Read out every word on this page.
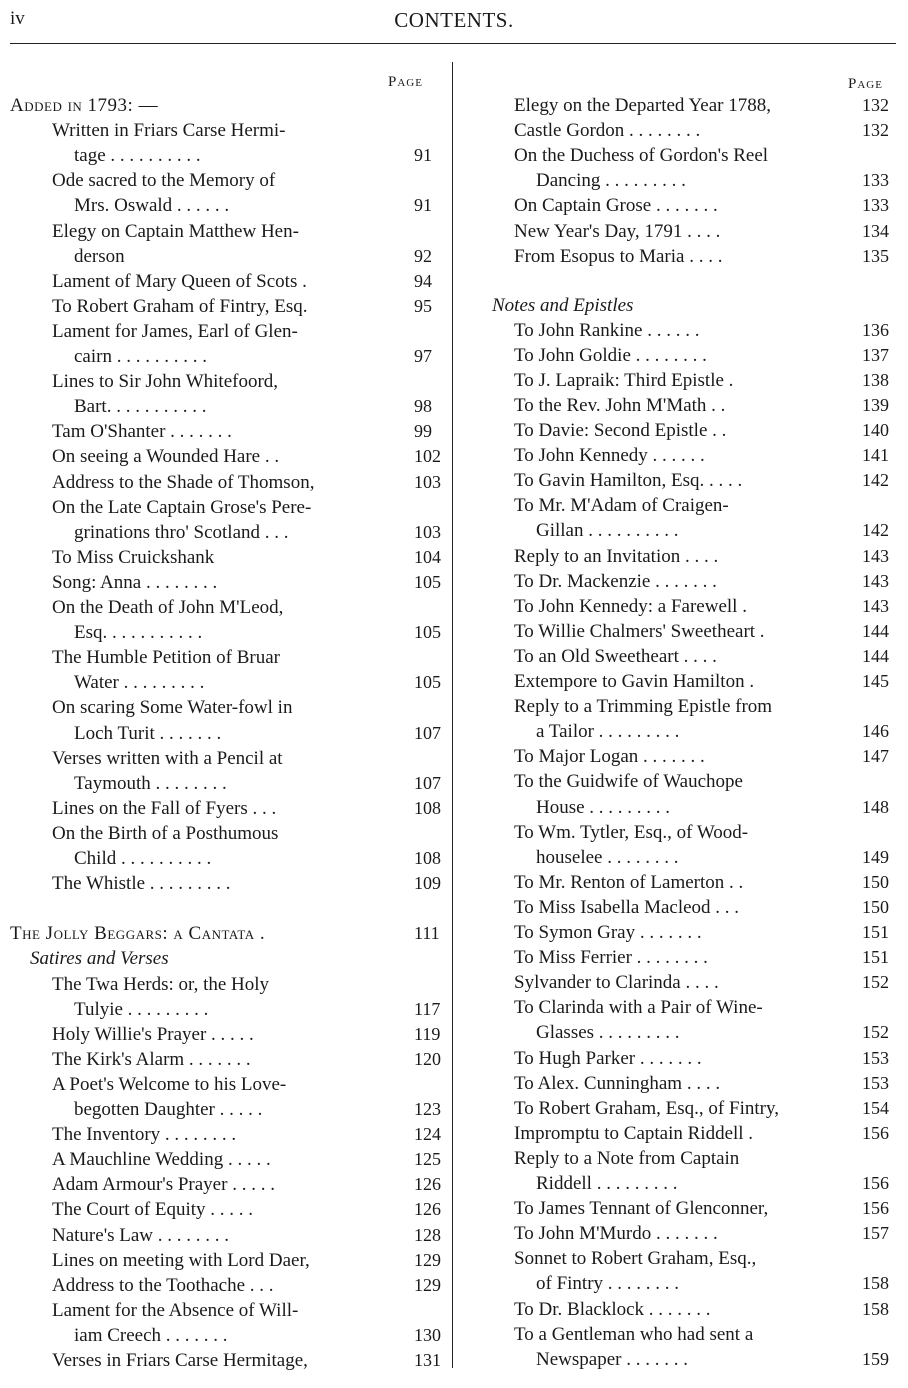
iv	CONTENTS.
Page
Added in 1793: —
Written in Friars Carse Hermi-
tage . . . . . . . . . .	91
Ode sacred to the Memory of
Mrs. Oswald . . . . . .	91
Elegy on Captain Matthew Hen-
derson	92
Lament of Mary Queen of Scots .	94
To Robert Graham of Fintry, Esq.	95
Lament for James, Earl of Glen-
cairn . . . . . . . . . .	97
Lines to Sir John Whitefoord,
Bart. . . . . . . . . . .	98
Tam O'Shanter . . . . . . .	99
On seeing a Wounded Hare . .	102
Address to the Shade of Thomson,	103
On the Late Captain Grose's Pere-
grinations thro' Scotland . . .	103
To Miss Cruickshank	104
Song: Anna . . . . . . . .	105
On the Death of John M'Leod,
Esq. . . . . . . . . . .	105
The Humble Petition of Bruar
Water . . . . . . . . .	105
On scaring Some Water-fowl in
Loch Turit . . . . . . .	107
Verses written with a Pencil at
Taymouth . . . . . . . .	107
Lines on the Fall of Fyers . . .	108
On the Birth of a Posthumous
Child . . . . . . . . . .	108
The Whistle . . . . . . . . .	109
The Jolly Beggars: a Cantata .	111
Satires and Verses
The Twa Herds: or, the Holy
Tulyie . . . . . . . . .	117
Holy Willie's Prayer . . . . .	119
The Kirk's Alarm . . . . . . .	120
A Poet's Welcome to his Love-
begotten Daughter . . . . .	123
The Inventory . . . . . . . .	124
A Mauchline Wedding . . . . .	125
Adam Armour's Prayer . . . . .	126
The Court of Equity . . . . .	126
Nature's Law . . . . . . . .	128
Lines on meeting with Lord Daer,	129
Address to the Toothache . . .	129
Lament for the Absence of Will-
iam Creech . . . . . . .	130
Verses in Friars Carse Hermitage,	131
Page
Elegy on the Departed Year 1788,	132
Castle Gordon . . . . . . . .	132
On the Duchess of Gordon's Reel
Dancing . . . . . . . . .	133
On Captain Grose . . . . . . .	133
New Year's Day, 1791 . . . .	134
From Esopus to Maria . . . .	135
Notes and Epistles
To John Rankine . . . . . .	136
To John Goldie . . . . . . . .	137
To J. Lapraik: Third Epistle .	138
To the Rev. John M'Math . .	139
To Davie: Second Epistle . .	140
To John Kennedy . . . . . .	141
To Gavin Hamilton, Esq. . . . .	142
To Mr. M'Adam of Craigen-
Gillan . . . . . . . . . .	142
Reply to an Invitation . . . .	143
To Dr. Mackenzie . . . . . . .	143
To John Kennedy: a Farewell .	143
To Willie Chalmers' Sweetheart .	144
To an Old Sweetheart . . . .	144
Extempore to Gavin Hamilton .	145
Reply to a Trimming Epistle from
a Tailor . . . . . . . . .	146
To Major Logan . . . . . . .	147
To the Guidwife of Wauchope
House . . . . . . . . .	148
To Wm. Tytler, Esq., of Wood-
houselee . . . . . . . .	149
To Mr. Renton of Lamerton . .	150
To Miss Isabella Macleod . . .	150
To Symon Gray . . . . . . .	151
To Miss Ferrier . . . . . . . .	151
Sylvander to Clarinda . . . .	152
To Clarinda with a Pair of Wine-
Glasses . . . . . . . . .	152
To Hugh Parker . . . . . . .	153
To Alex. Cunningham . . . .	153
To Robert Graham, Esq., of Fintry,	154
Impromptu to Captain Riddell .	156
Reply to a Note from Captain
Riddell . . . . . . . . .	156
To James Tennant of Glenconner,	156
To John M'Murdo . . . . . . .	157
Sonnet to Robert Graham, Esq.,
of Fintry . . . . . . . .	158
To Dr. Blacklock . . . . . . .	158
To a Gentleman who had sent a
Newspaper . . . . . . .	159
